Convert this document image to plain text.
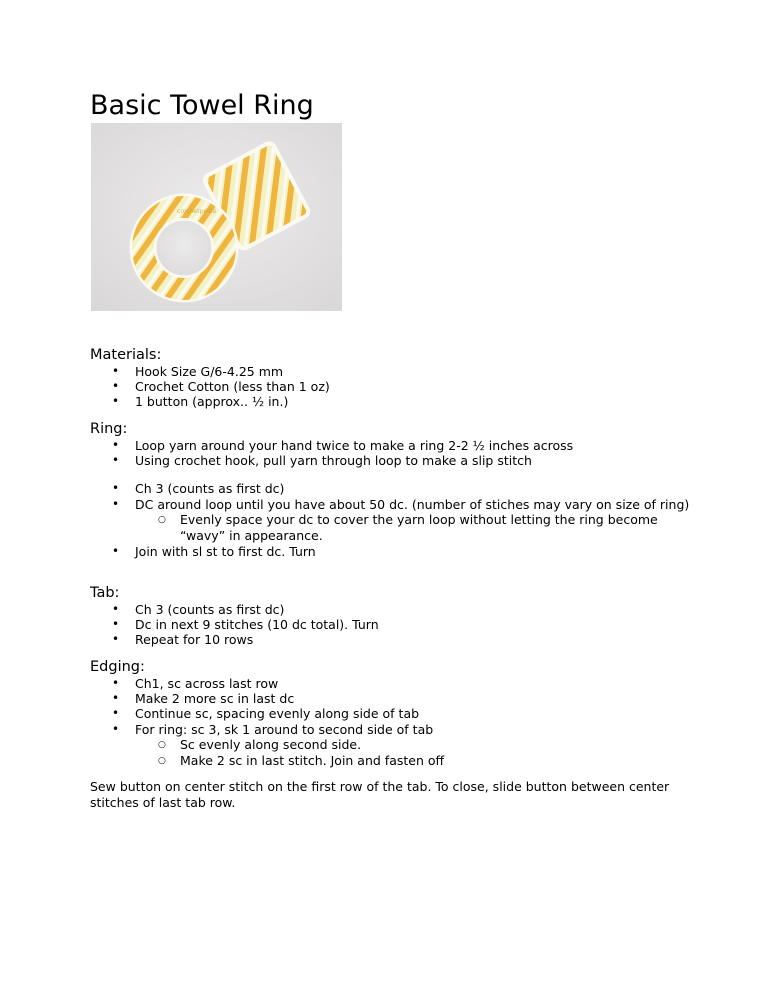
Basic Towel Ring
crochetpedia
Materials:
• Hook Size G/6-4.25 mm
• Crochet Cotton (less than 1 oz)
• 1 button (approx.. ½ in.)
Ring:
• Loop yarn around your hand twice to make a ring 2-2 ½ inches across
• Using crochet hook, pull yarn through loop to make a slip stitch
• Ch 3 (counts as first dc)
• DC around loop until you have about 50 dc. (number of stiches may vary on size of ring)
○ Evenly space your dc to cover the yarn loop without letting the ring become “wavy” in appearance.
• Join with sl st to first dc. Turn
Tab:
• Ch 3 (counts as first dc)
• Dc in next 9 stitches (10 dc total). Turn
• Repeat for 10 rows
Edging:
• Ch1, sc across last row
• Make 2 more sc in last dc
• Continue sc, spacing evenly along side of tab
• For ring: sc 3, sk 1 around to second side of tab
○ Sc evenly along second side.
○ Make 2 sc in last stitch. Join and fasten off

Sew button on center stitch on the first row of the tab. To close, slide button between center stitches of last tab row.
